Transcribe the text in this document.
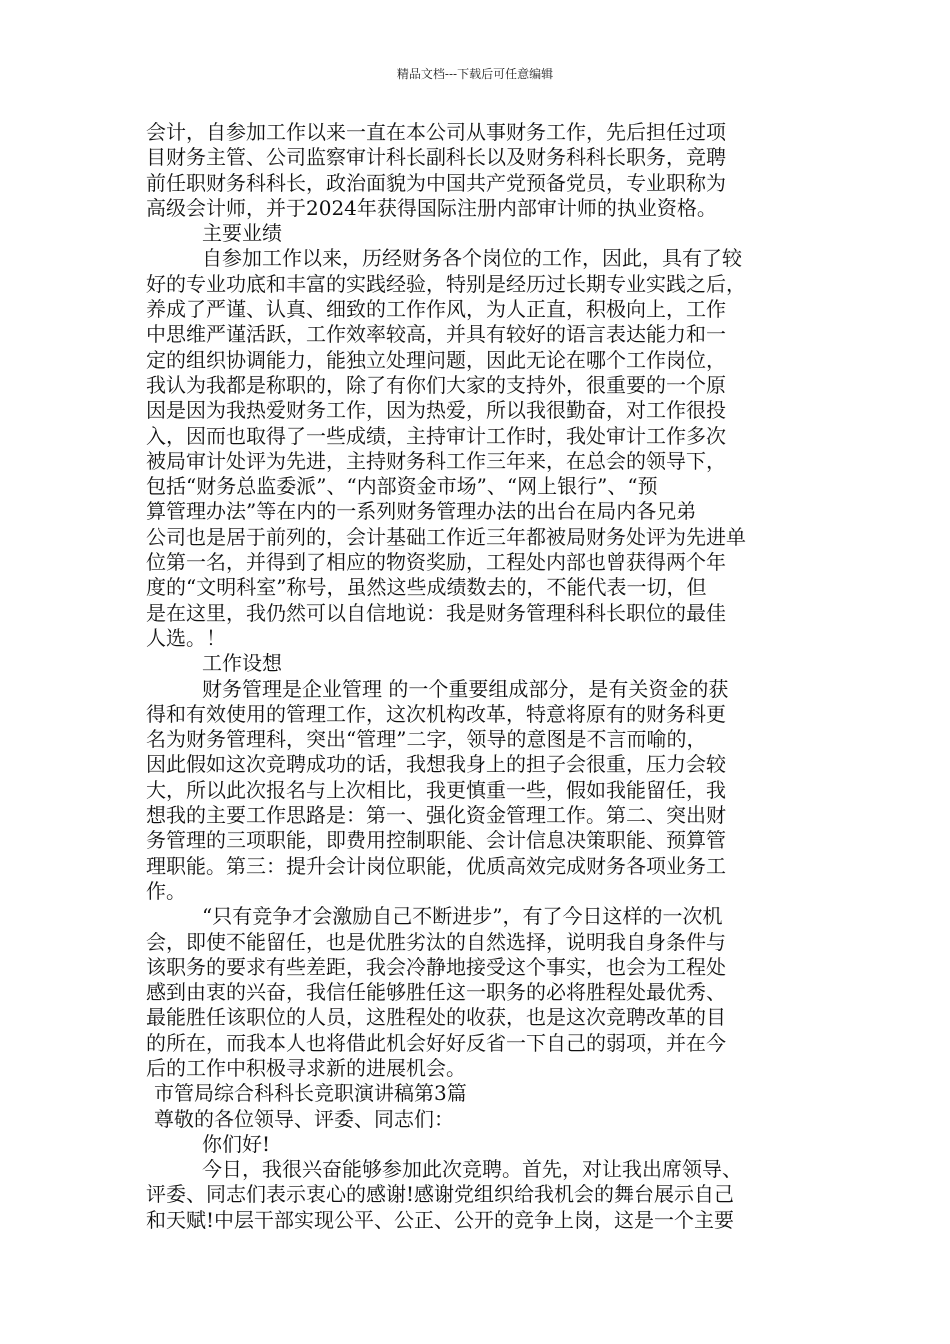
精品文档---下载后可任意编辑
会计，自参加工作以来一直在本公司从事财务工作，先后担任过项
目财务主管、公司监察审计科长副科长以及财务科科长职务，竞聘
前任职财务科科长，政治面貌为中国共产党预备党员，专业职称为
高级会计师，并于2024年获得国际注册内部审计师的执业资格。
主要业绩
自参加工作以来，历经财务各个岗位的工作，因此，具有了较
好的专业功底和丰富的实践经验，特别是经历过长期专业实践之后，
养成了严谨、认真、细致的工作作风，为人正直，积极向上，工作
中思维严谨活跃，工作效率较高，并具有较好的语言表达能力和一
定的组织协调能力，能独立处理问题，因此无论在哪个工作岗位，
我认为我都是称职的，除了有你们大家的支持外，很重要的一个原
因是因为我热爱财务工作，因为热爱，所以我很勤奋，对工作很投
入，因而也取得了一些成绩，主持审计工作时，我处审计工作多次
被局审计处评为先进，主持财务科工作三年来，在总会的领导下，
包括“财务总监委派”、“内部资金市场”、“网上银行”、“预
算管理办法”等在内的一系列财务管理办法的出台在局内各兄弟
公司也是居于前列的，会计基础工作近三年都被局财务处评为先进单
位第一名，并得到了相应的物资奖励，工程处内部也曾获得两个年
度的“文明科室”称号，虽然这些成绩数去的，不能代表一切，但
是在这里，我仍然可以自信地说：我是财务管理科科长职位的最佳
人选。！
工作设想
财务管理是企业管理 的一个重要组成部分，是有关资金的获
得和有效使用的管理工作，这次机构改革，特意将原有的财务科更
名为财务管理科，突出“管理”二字，领导的意图是不言而喻的，
因此假如这次竞聘成功的话，我想我身上的担子会很重，压力会较
大，所以此次报名与上次相比，我更慎重一些，假如我能留任，我
想我的主要工作思路是：第一、强化资金管理工作。第二、突出财
务管理的三项职能，即费用控制职能、会计信息决策职能、预算管
理职能。第三：提升会计岗位职能，优质高效完成财务各项业务工
作。
“只有竞争才会激励自己不断进步”，有了今日这样的一次机
会，即使不能留任，也是优胜劣汰的自然选择，说明我自身条件与
该职务的要求有些差距，我会冷静地接受这个事实，也会为工程处
感到由衷的兴奋，我信任能够胜任这一职务的必将胜程处最优秀、
最能胜任该职位的人员，这胜程处的收获，也是这次竞聘改革的目
的所在，而我本人也将借此机会好好反省一下自己的弱项，并在今
后的工作中积极寻求新的进展机会。
市管局综合科科长竞职演讲稿第3篇
尊敬的各位领导、评委、同志们：
你们好!
今日，我很兴奋能够参加此次竞聘。首先，对让我出席领导、
评委、同志们表示衷心的感谢!感谢党组织给我机会的舞台展示自己
和天赋!中层干部实现公平、公正、公开的竞争上岗，这是一个主要
